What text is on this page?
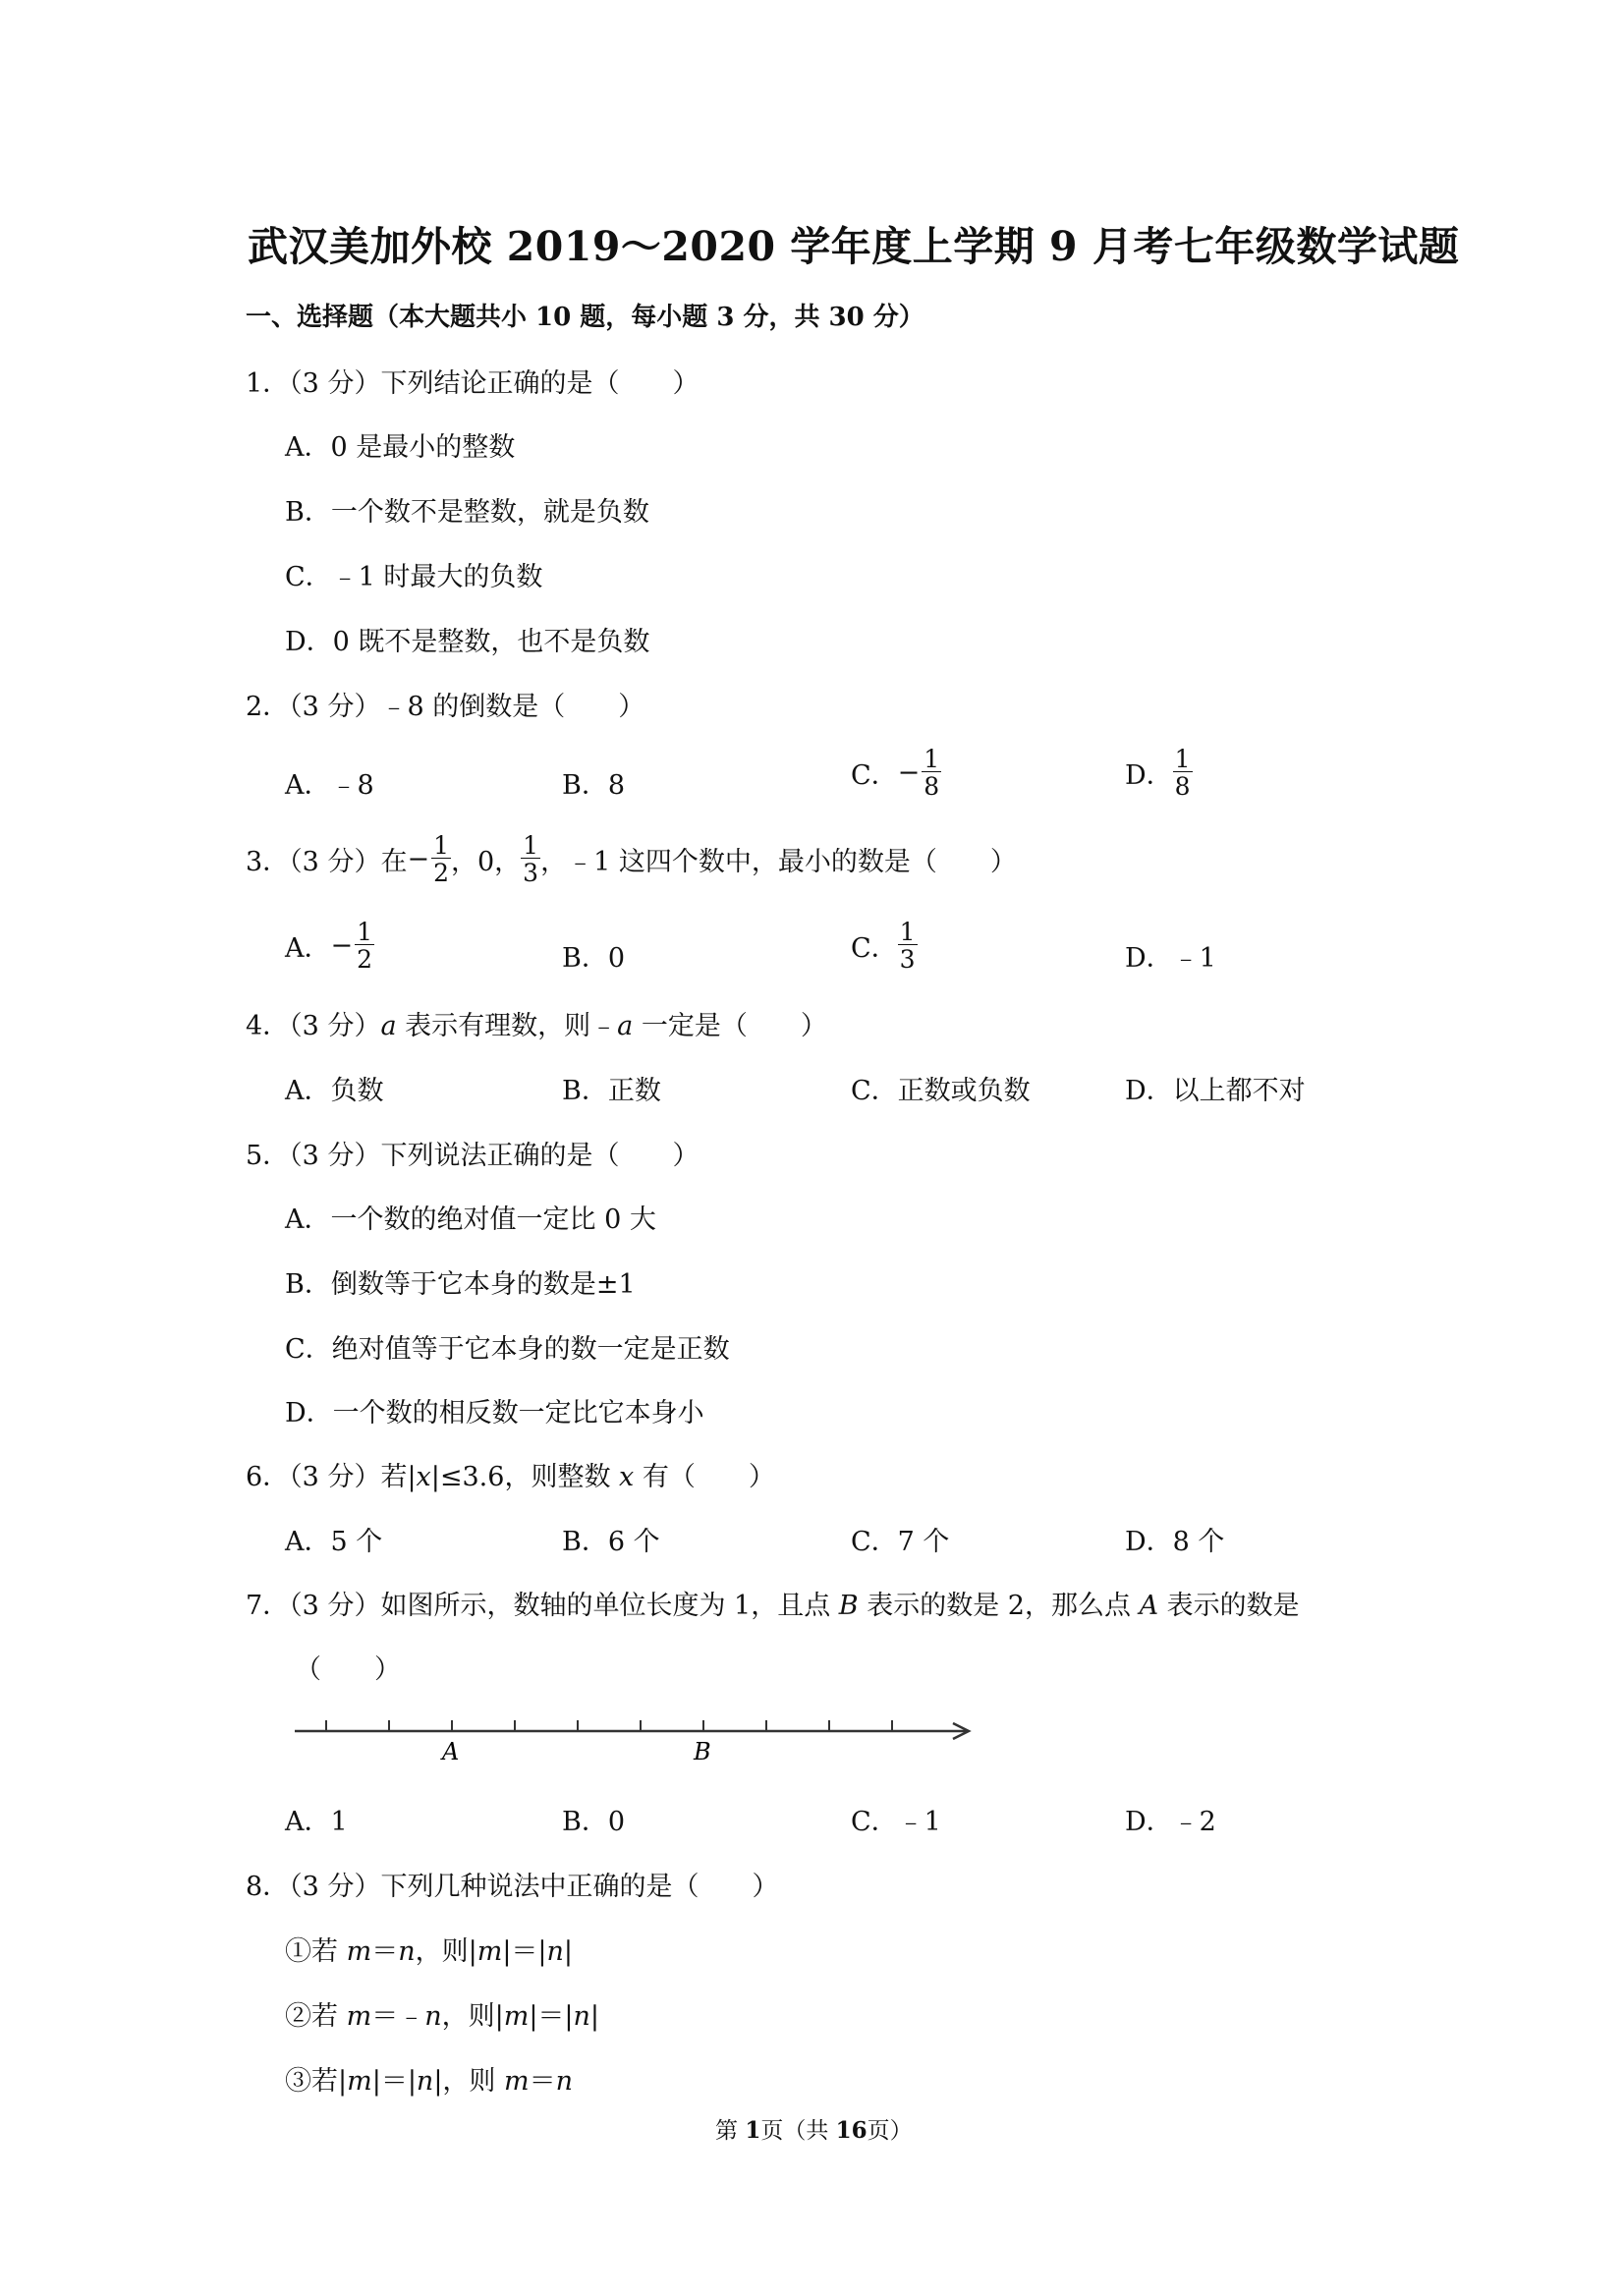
武汉美加外校 2019～2020 学年度上学期 9 月考七年级数学试题
一、选择题（本大题共小 10 题，每小题 3 分，共 30 分）
1．（3 分）下列结论正确的是（　　）
A．0 是最小的整数
B．一个数不是整数，就是负数
C．﹣1 时最大的负数
D．0 既不是整数，也不是负数
2．（3 分）﹣8 的倒数是（　　）
A．﹣8	B．8	C．− $\frac{1}{8}$	D． $\frac{1}{8}$
3．（3 分）在− $\frac{1}{2}$ ，0， $\frac{1}{3}$ ，﹣1 这四个数中，最小的数是（　　）
A．− $\frac{1}{2}$	B．0	C． $\frac{1}{3}$	D．﹣1
4．（3 分）a 表示有理数，则﹣a 一定是（　　）
A．负数	B．正数	C．正数或负数	D．以上都不对
5．（3 分）下列说法正确的是（　　）
A．一个数的绝对值一定比 0 大
B．倒数等于它本身的数是±1
C．绝对值等于它本身的数一定是正数
D．一个数的相反数一定比它本身小
6．（3 分）若|x|≤3.6，则整数 x 有（　　）
A．5 个	B．6 个	C．7 个	D．8 个
7．（3 分）如图所示，数轴的单位长度为 1，且点 B 表示的数是 2，那么点 A 表示的数是
（　　）
A	B
A．1	B．0	C．﹣1	D．﹣2
8．（3 分）下列几种说法中正确的是（　　）
①若 m＝n，则|m|＝|n|
②若 m＝﹣n，则|m|＝|n|
③若|m|＝|n|，则 m＝n
第 1页（共 16页）
